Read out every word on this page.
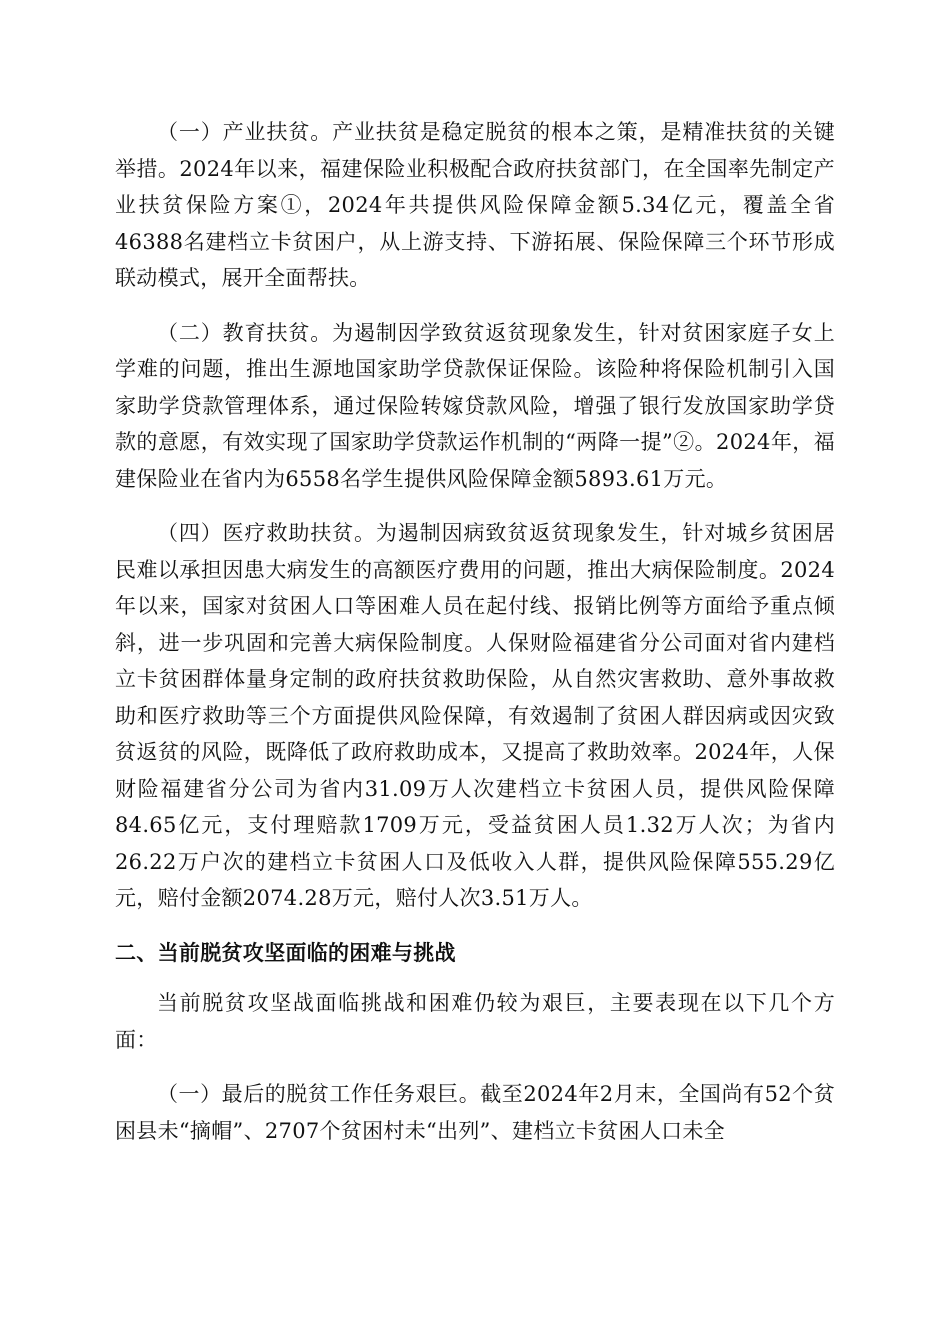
（一）产业扶贫。产业扶贫是稳定脱贫的根本之策，是精准扶贫的关键举措。2024年以来，福建保险业积极配合政府扶贫部门，在全国率先制定产业扶贫保险方案①，2024年共提供风险保障金额5.34亿元，覆盖全省46388名建档立卡贫困户，从上游支持、下游拓展、保险保障三个环节形成联动模式，展开全面帮扶。

（二）教育扶贫。为遏制因学致贫返贫现象发生，针对贫困家庭子女上学难的问题，推出生源地国家助学贷款保证保险。该险种将保险机制引入国家助学贷款管理体系，通过保险转嫁贷款风险，增强了银行发放国家助学贷款的意愿，有效实现了国家助学贷款运作机制的“两降一提”②。2024年，福建保险业在省内为6558名学生提供风险保障金额5893.61万元。

（四）医疗救助扶贫。为遏制因病致贫返贫现象发生，针对城乡贫困居民难以承担因患大病发生的高额医疗费用的问题，推出大病保险制度。2024年以来，国家对贫困人口等困难人员在起付线、报销比例等方面给予重点倾斜，进一步巩固和完善大病保险制度。人保财险福建省分公司面对省内建档立卡贫困群体量身定制的政府扶贫救助保险，从自然灾害救助、意外事故救助和医疗救助等三个方面提供风险保障，有效遏制了贫困人群因病或因灾致贫返贫的风险，既降低了政府救助成本，又提高了救助效率。2024年，人保财险福建省分公司为省内31.09万人次建档立卡贫困人员，提供风险保障84.65亿元，支付理赔款1709万元，受益贫困人员1.32万人次；为省内26.22万户次的建档立卡贫困人口及低收入人群，提供风险保障555.29亿元，赔付金额2074.28万元，赔付人次3.51万人。

二、当前脱贫攻坚面临的困难与挑战

当前脱贫攻坚战面临挑战和困难仍较为艰巨，主要表现在以下几个方面：

（一）最后的脱贫工作任务艰巨。截至2024年2月末，全国尚有52个贫困县未“摘帽”、2707个贫困村未“出列”、建档立卡贫困人口未全
